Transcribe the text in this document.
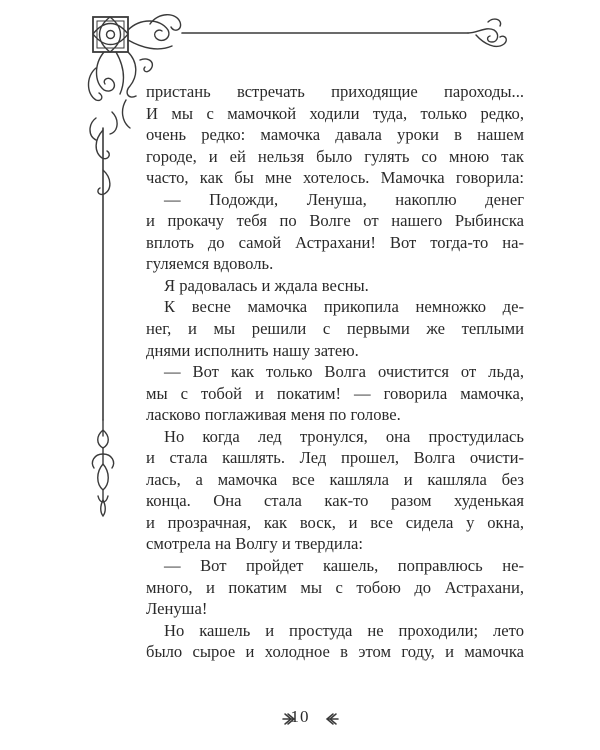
пристань встречать приходящие пароходы...
И мы с мамочкой ходили туда, только редко,
очень редко: мамочка давала уроки в нашем
городе, и ей нельзя было гулять со мною так
часто, как бы мне хотелось. Мамочка говорила:
— Подожди, Ленуша, накоплю денег
и прокачу тебя по Волге от нашего Рыбинска
вплоть до самой Астрахани! Вот тогда-то на-
гуляемся вдоволь.
Я радовалась и ждала весны.
К весне мамочка прикопила немножко де-
нег, и мы решили с первыми же теплыми
днями исполнить нашу затею.
— Вот как только Волга очистится от льда,
мы с тобой и покатим! — говорила мамочка,
ласково поглаживая меня по голове.
Но когда лед тронулся, она простудилась
и стала кашлять. Лед прошел, Волга очисти-
лась, а мамочка все кашляла и кашляла без
конца. Она стала как-то разом худенькая
и прозрачная, как воск, и все сидела у окна,
смотрела на Волгу и твердила:
— Вот пройдет кашель, поправлюсь не-
много, и покатим мы с тобою до Астрахани,
Ленуша!
Но кашель и простуда не проходили; лето
было сырое и холодное в этом году, и мамочка
10
